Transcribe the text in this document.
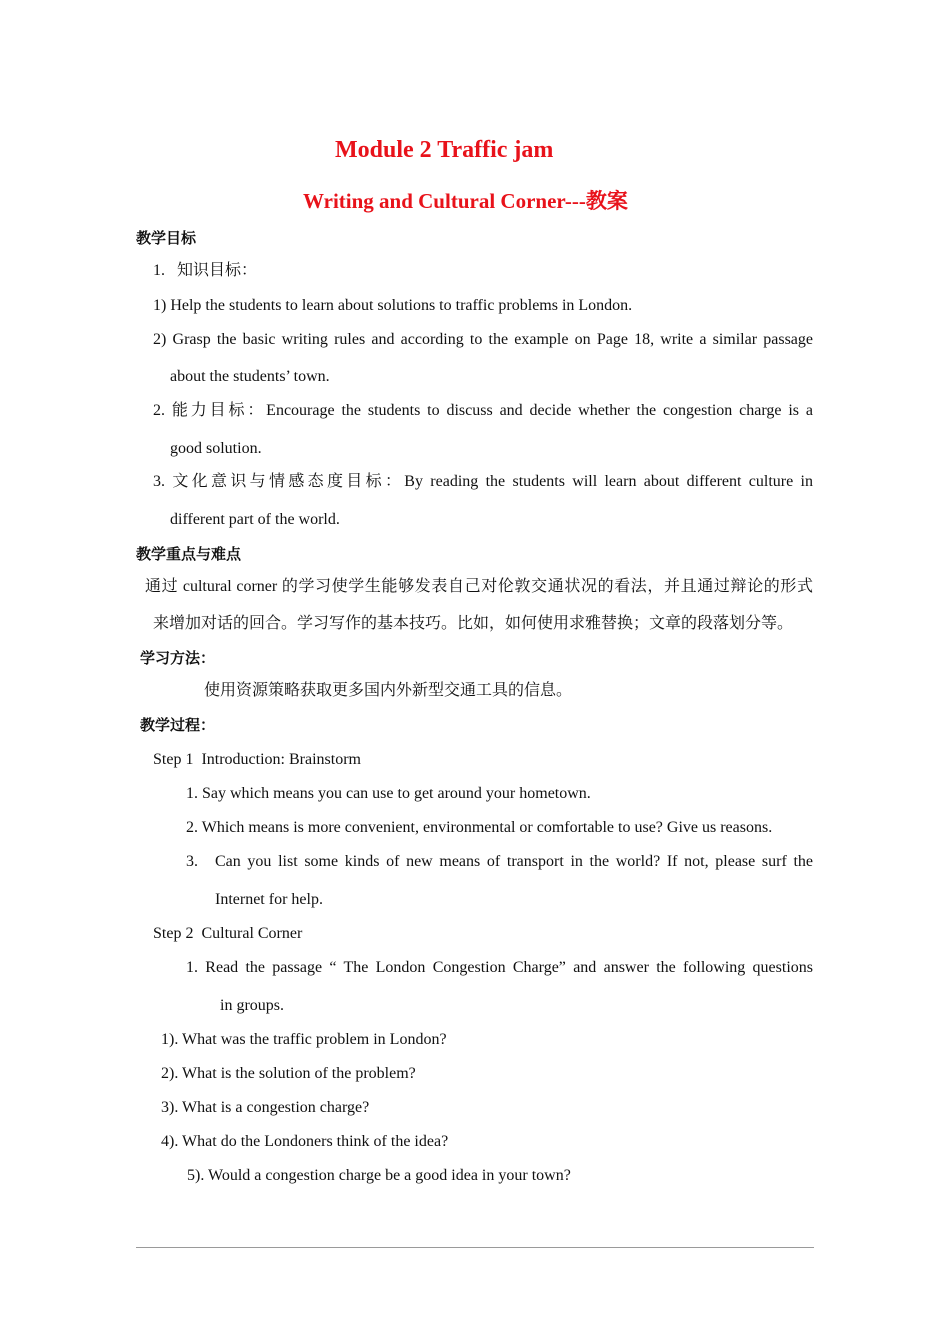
Module 2 Traffic jam
Writing and Cultural Corner---教案
教学目标
1.   知识目标：
1) Help the students to learn about solutions to traffic problems in London.
2) Grasp the basic writing rules and according to the example on Page 18, write a similar passage
about the students’ town.
2. 能力目标：Encourage the students to discuss and decide whether the congestion charge is a
good solution.
3. 文化意识与情感态度目标：By reading the students will learn about different culture in
different part of the world.
教学重点与难点
通过 cultural corner 的学习使学生能够发表自己对伦敦交通状况的看法，并且通过辩论的形式
来增加对话的回合。学习写作的基本技巧。比如，如何使用求雅替换；文章的段落划分等。
学习方法：
使用资源策略获取更多国内外新型交通工具的信息。
教学过程：
Step 1  Introduction: Brainstorm
1. Say which means you can use to get around your hometown.
2. Which means is more convenient, environmental or comfortable to use? Give us reasons.
3. Can you list some kinds of new means of transport in the world? If not, please surf the
Internet for help.
Step 2  Cultural Corner
1. Read the passage “ The London Congestion Charge” and answer the following questions
in groups.
1). What was the traffic problem in London?
2). What is the solution of the problem?
3). What is a congestion charge?
4). What do the Londoners think of the idea?
5). Would a congestion charge be a good idea in your town?
